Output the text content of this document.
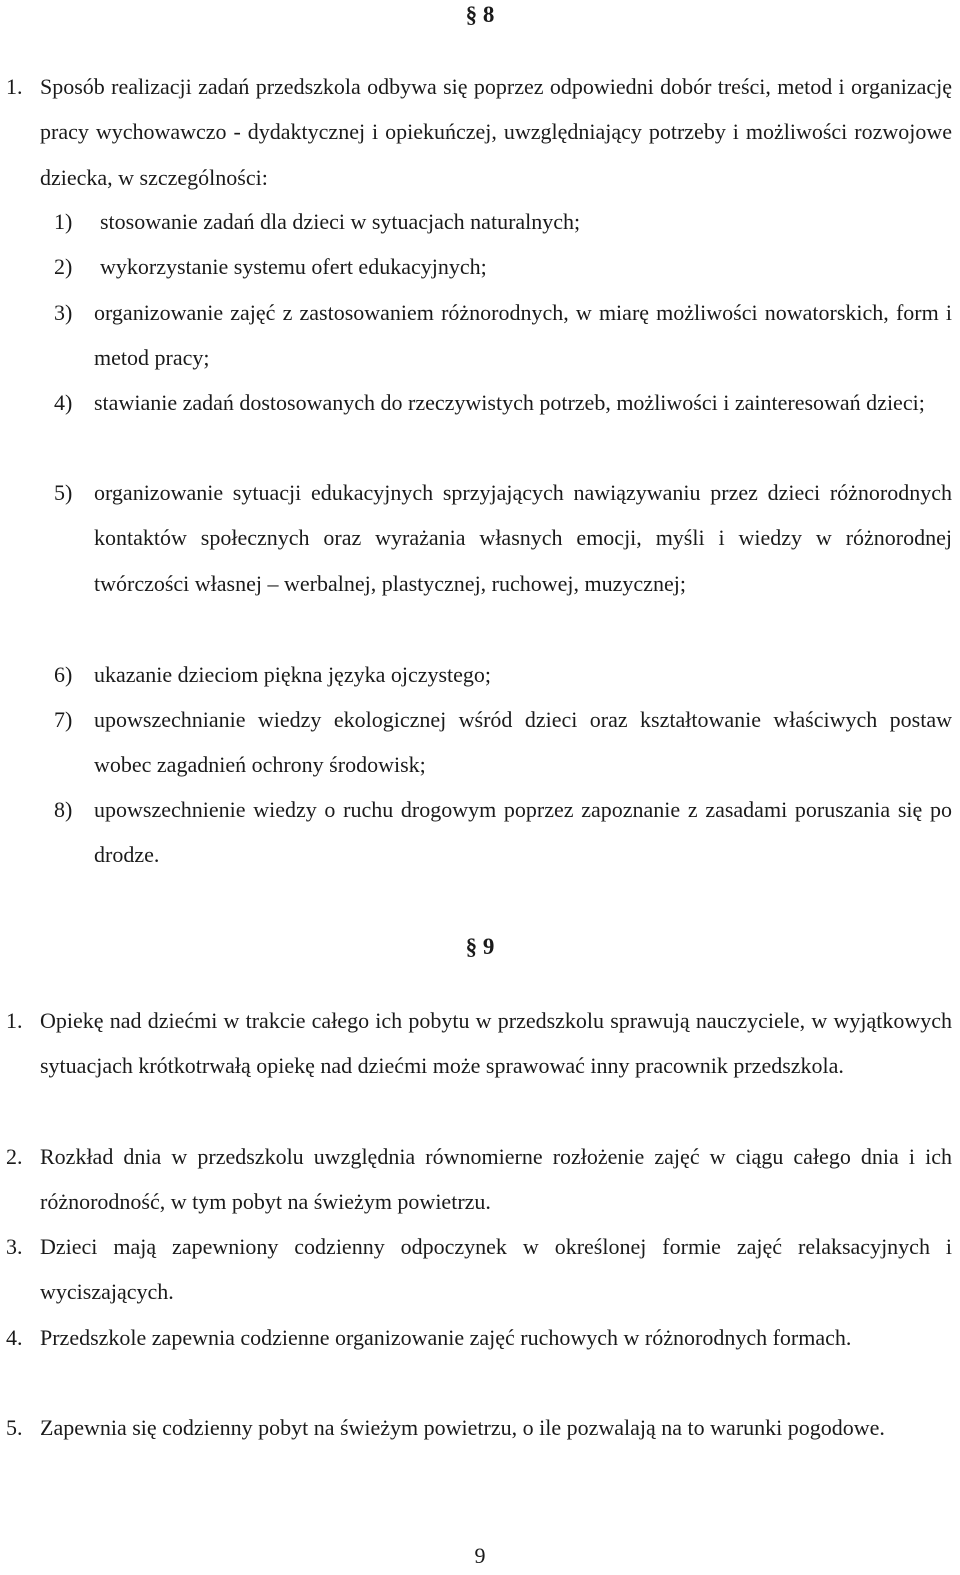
§ 8
1. Sposób realizacji zadań przedszkola odbywa się poprzez odpowiedni dobór treści, metod i organizację pracy wychowawczo - dydaktycznej i opiekuńczej, uwzględniający potrzeby i możliwości rozwojowe dziecka, w szczególności:
1) stosowanie zadań dla dzieci w sytuacjach naturalnych;
2) wykorzystanie systemu ofert edukacyjnych;
3) organizowanie zajęć z zastosowaniem różnorodnych, w miarę możliwości nowatorskich, form i metod pracy;
4) stawianie zadań dostosowanych do rzeczywistych potrzeb, możliwości i zainteresowań dzieci;
5) organizowanie sytuacji edukacyjnych sprzyjających nawiązywaniu przez dzieci różnorodnych kontaktów społecznych oraz wyrażania własnych emocji, myśli i wiedzy w różnorodnej twórczości własnej – werbalnej, plastycznej, ruchowej, muzycznej;
6) ukazanie dzieciom piękna języka ojczystego;
7) upowszechnianie wiedzy ekologicznej wśród dzieci oraz kształtowanie właściwych postaw wobec zagadnień ochrony środowisk;
8) upowszechnienie wiedzy o ruchu drogowym poprzez zapoznanie z zasadami poruszania się po drodze.
§ 9
1. Opiekę nad dziećmi w trakcie całego ich pobytu w przedszkolu sprawują nauczyciele, w wyjątkowych sytuacjach krótkotrwałą opiekę nad dziećmi może sprawować inny pracownik przedszkola.
2. Rozkład dnia w przedszkolu uwzględnia równomierne rozłożenie zajęć w ciągu całego dnia i ich różnorodność, w tym pobyt na świeżym powietrzu.
3. Dzieci mają zapewniony codzienny odpoczynek w określonej formie zajęć relaksacyjnych i wyciszających.
4. Przedszkole zapewnia codzienne organizowanie zajęć ruchowych w różnorodnych formach.
5. Zapewnia się codzienny pobyt na świeżym powietrzu, o ile pozwalają na to warunki pogodowe.
9
